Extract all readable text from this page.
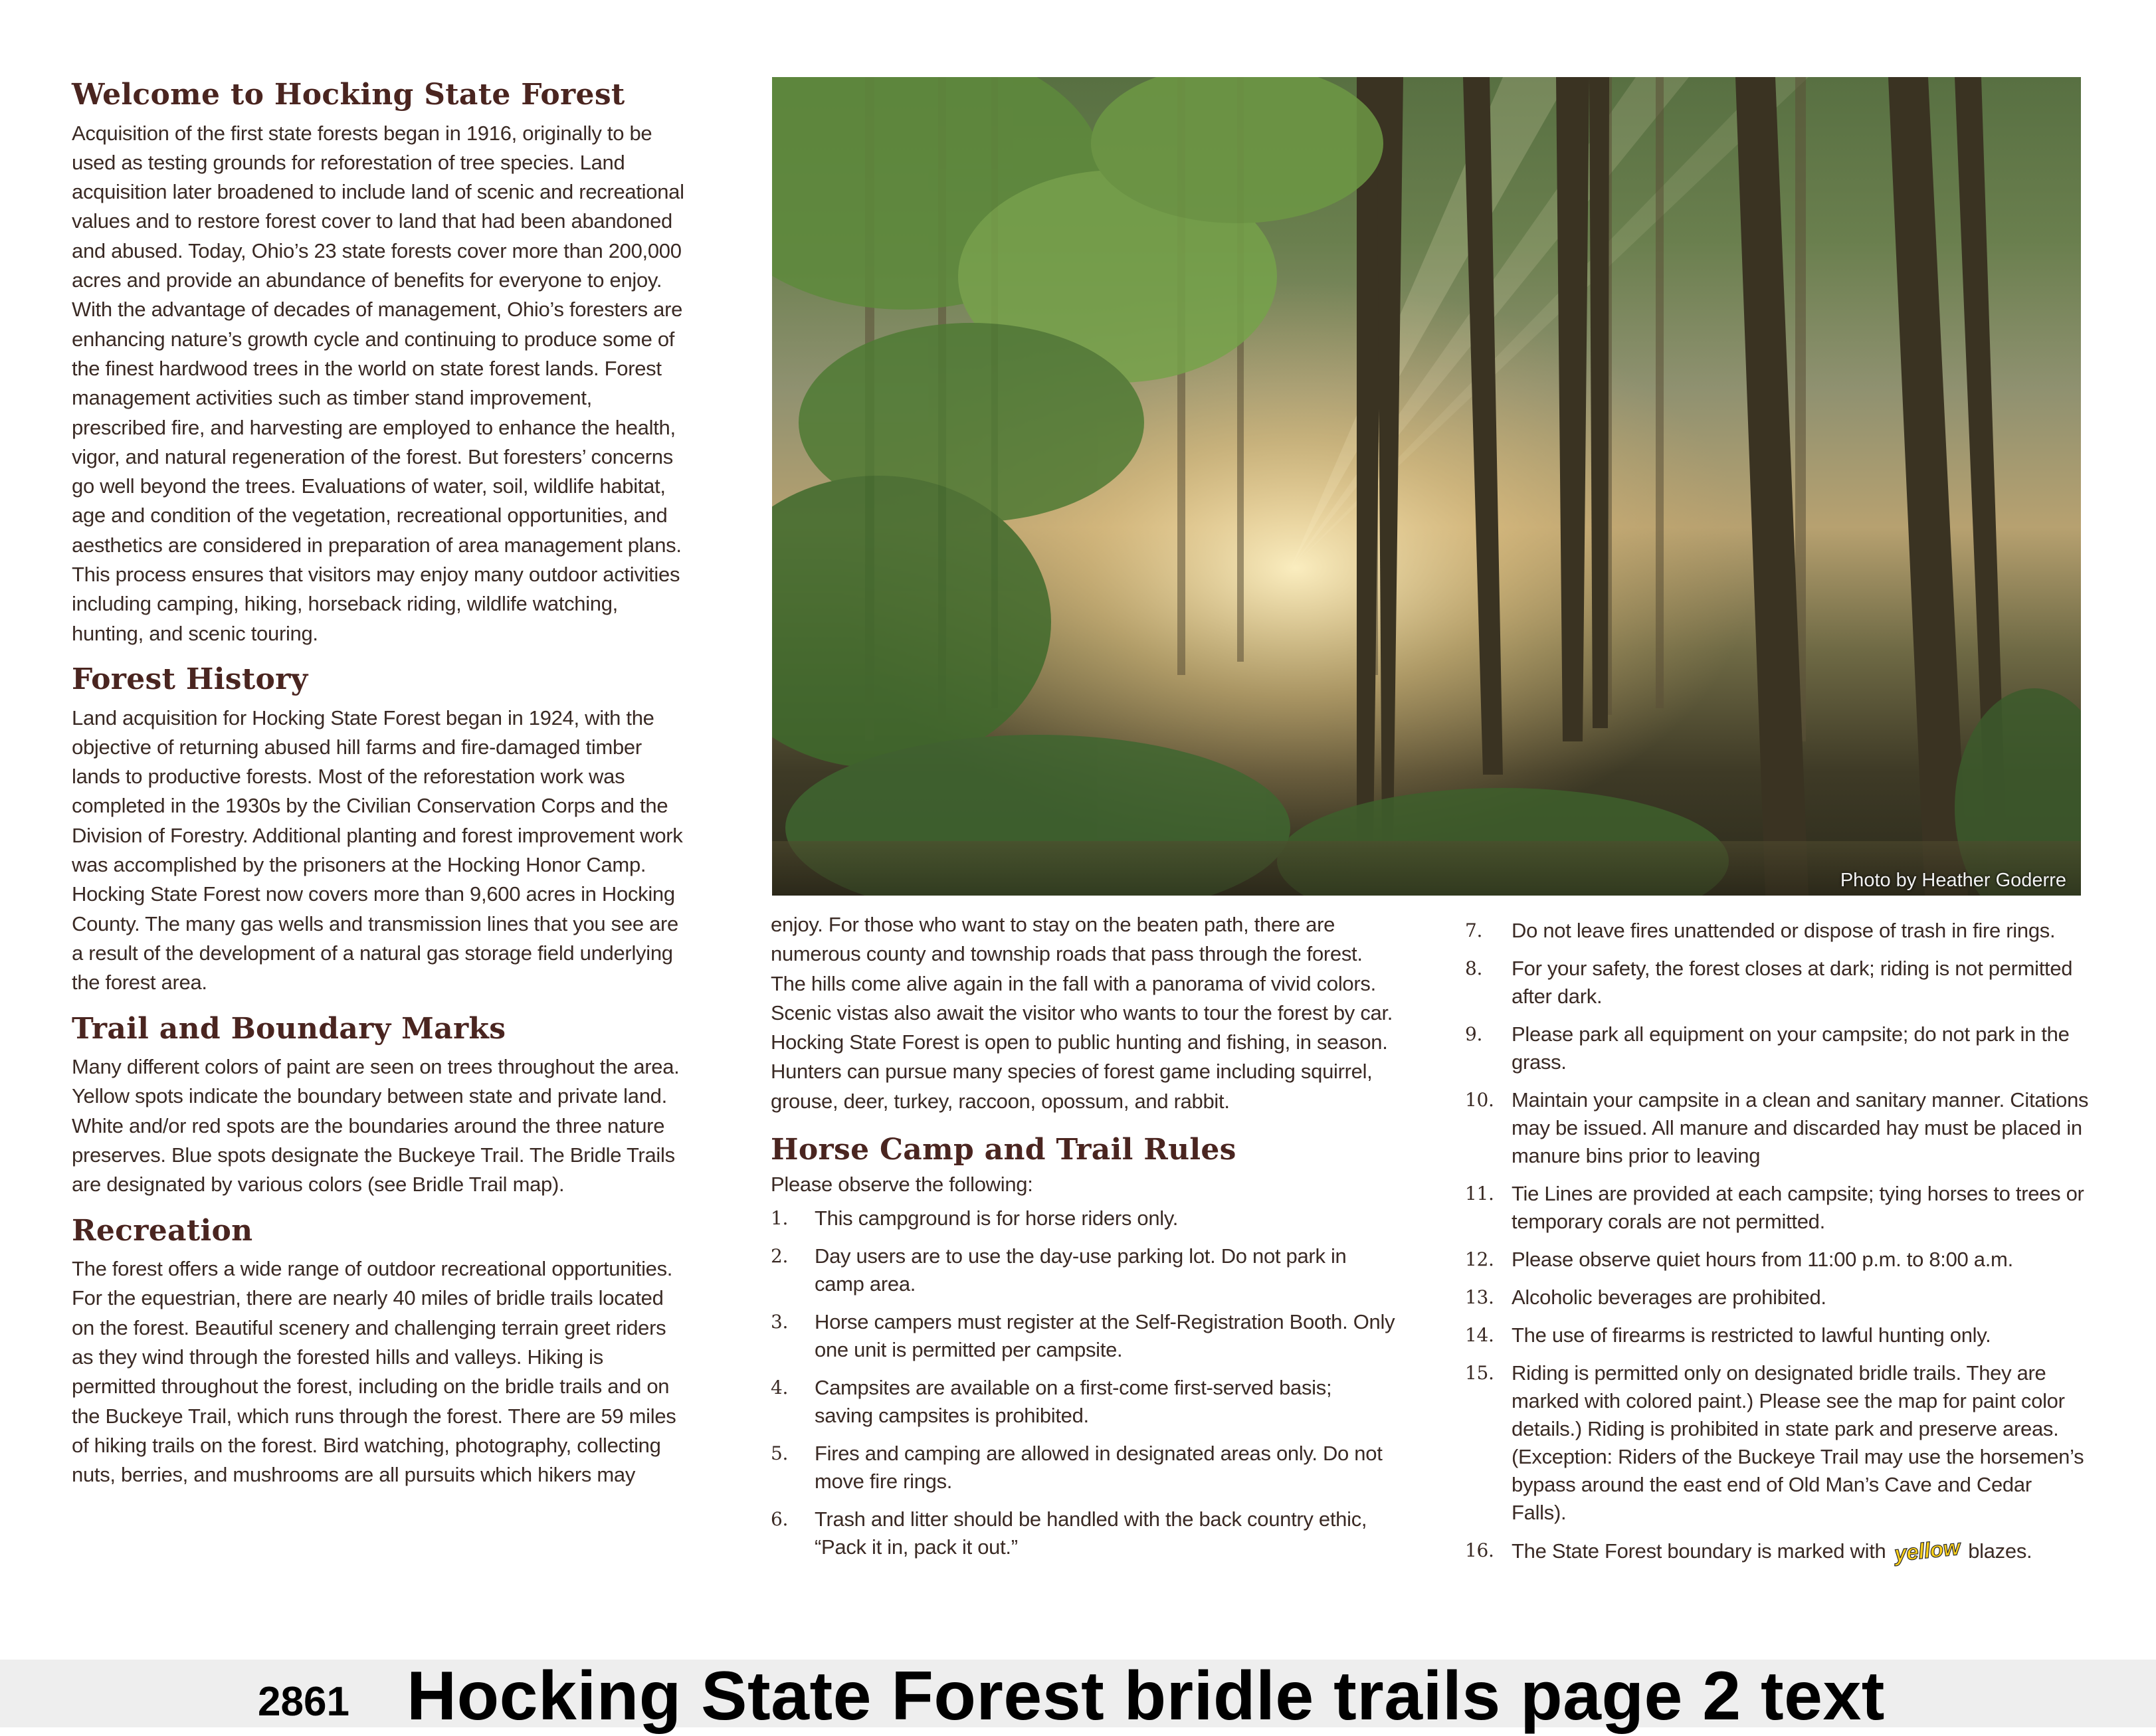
Welcome to Hocking State Forest

Acquisition of the first state forests began in 1916, originally to be used as testing grounds for reforestation of tree species. Land acquisition later broadened to include land of scenic and recreational values and to restore forest cover to land that had been abandoned and abused. Today, Ohio’s 23 state forests cover more than 200,000 acres and provide an abundance of benefits for everyone to enjoy. With the advantage of decades of management, Ohio’s foresters are enhancing nature’s growth cycle and continuing to produce some of the finest hardwood trees in the world on state forest lands. Forest management activities such as timber stand improvement, prescribed fire, and harvesting are employed to enhance the health, vigor, and natural regeneration of the forest. But foresters’ concerns go well beyond the trees. Evaluations of water, soil, wildlife habitat, age and condition of the vegetation, recreational opportunities, and aesthetics are considered in preparation of area management plans. This process ensures that visitors may enjoy many outdoor activities including camping, hiking, horseback riding, wildlife watching, hunting, and scenic touring.

Forest History

Land acquisition for Hocking State Forest began in 1924, with the objective of returning abused hill farms and fire-damaged timber lands to productive forests. Most of the reforestation work was completed in the 1930s by the Civilian Conservation Corps and the Division of Forestry. Additional planting and forest improvement work was accomplished by the prisoners at the Hocking Honor Camp. Hocking State Forest now covers more than 9,600 acres in Hocking County. The many gas wells and transmission lines that you see are a result of the development of a natural gas storage field underlying the forest area.

Trail and Boundary Marks

Many different colors of paint are seen on trees throughout the area. Yellow spots indicate the boundary between state and private land. White and/or red spots are the boundaries around the three nature preserves. Blue spots designate the Buckeye Trail. The Bridle Trails are designated by various colors (see Bridle Trail map).

Recreation

The forest offers a wide range of outdoor recreational opportunities. For the equestrian, there are nearly 40 miles of bridle trails located on the forest. Beautiful scenery and challenging terrain greet riders as they wind through the forested hills and valleys. Hiking is permitted throughout the forest, including on the bridle trails and on the Buckeye Trail, which runs through the forest. There are 59 miles of hiking trails on the forest. Bird watching, photography, collecting nuts, berries, and mushrooms are all pursuits which hikers may

Photo by Heather Goderre

enjoy. For those who want to stay on the beaten path, there are numerous county and township roads that pass through the forest. The hills come alive again in the fall with a panorama of vivid colors. Scenic vistas also await the visitor who wants to tour the forest by car. Hocking State Forest is open to public hunting and fishing, in season. Hunters can pursue many species of forest game including squirrel, grouse, deer, turkey, raccoon, opossum, and rabbit.

Horse Camp and Trail Rules

Please observe the following:

1.	This campground is for horse riders only.
2.	Day users are to use the day-use parking lot. Do not park in camp area.
3.	Horse campers must register at the Self-Registration Booth. Only one unit is permitted per campsite.
4.	Campsites are available on a first-come first-served basis; saving campsites is prohibited.
5.	Fires and camping are allowed in designated areas only. Do not move fire rings.
6.	Trash and litter should be handled with the back country ethic, “Pack it in, pack it out.”
7.	Do not leave fires unattended or dispose of trash in fire rings.
8.	For your safety, the forest closes at dark; riding is not permitted after dark.
9.	Please park all equipment on your campsite; do not park in the grass.
10. Maintain your campsite in a clean and sanitary manner. Citations may be issued. All manure and discarded hay must be placed in manure bins prior to leaving
11. Tie Lines are provided at each campsite; tying horses to trees or temporary corals are not permitted.
12. Please observe quiet hours from 11:00 p.m. to 8:00 a.m.
13. Alcoholic beverages are prohibited.
14. The use of firearms is restricted to lawful hunting only.
15. Riding is permitted only on designated bridle trails. They are marked with colored paint.) Please see the map for paint color details.) Riding is prohibited in state park and preserve areas. (Exception: Riders of the Buckeye Trail may use the horsemen’s bypass around the east end of Old Man’s Cave and Cedar Falls).
16. The State Forest boundary is marked with yellow blazes.
2861 Hocking State Forest bridle trails page 2 text
